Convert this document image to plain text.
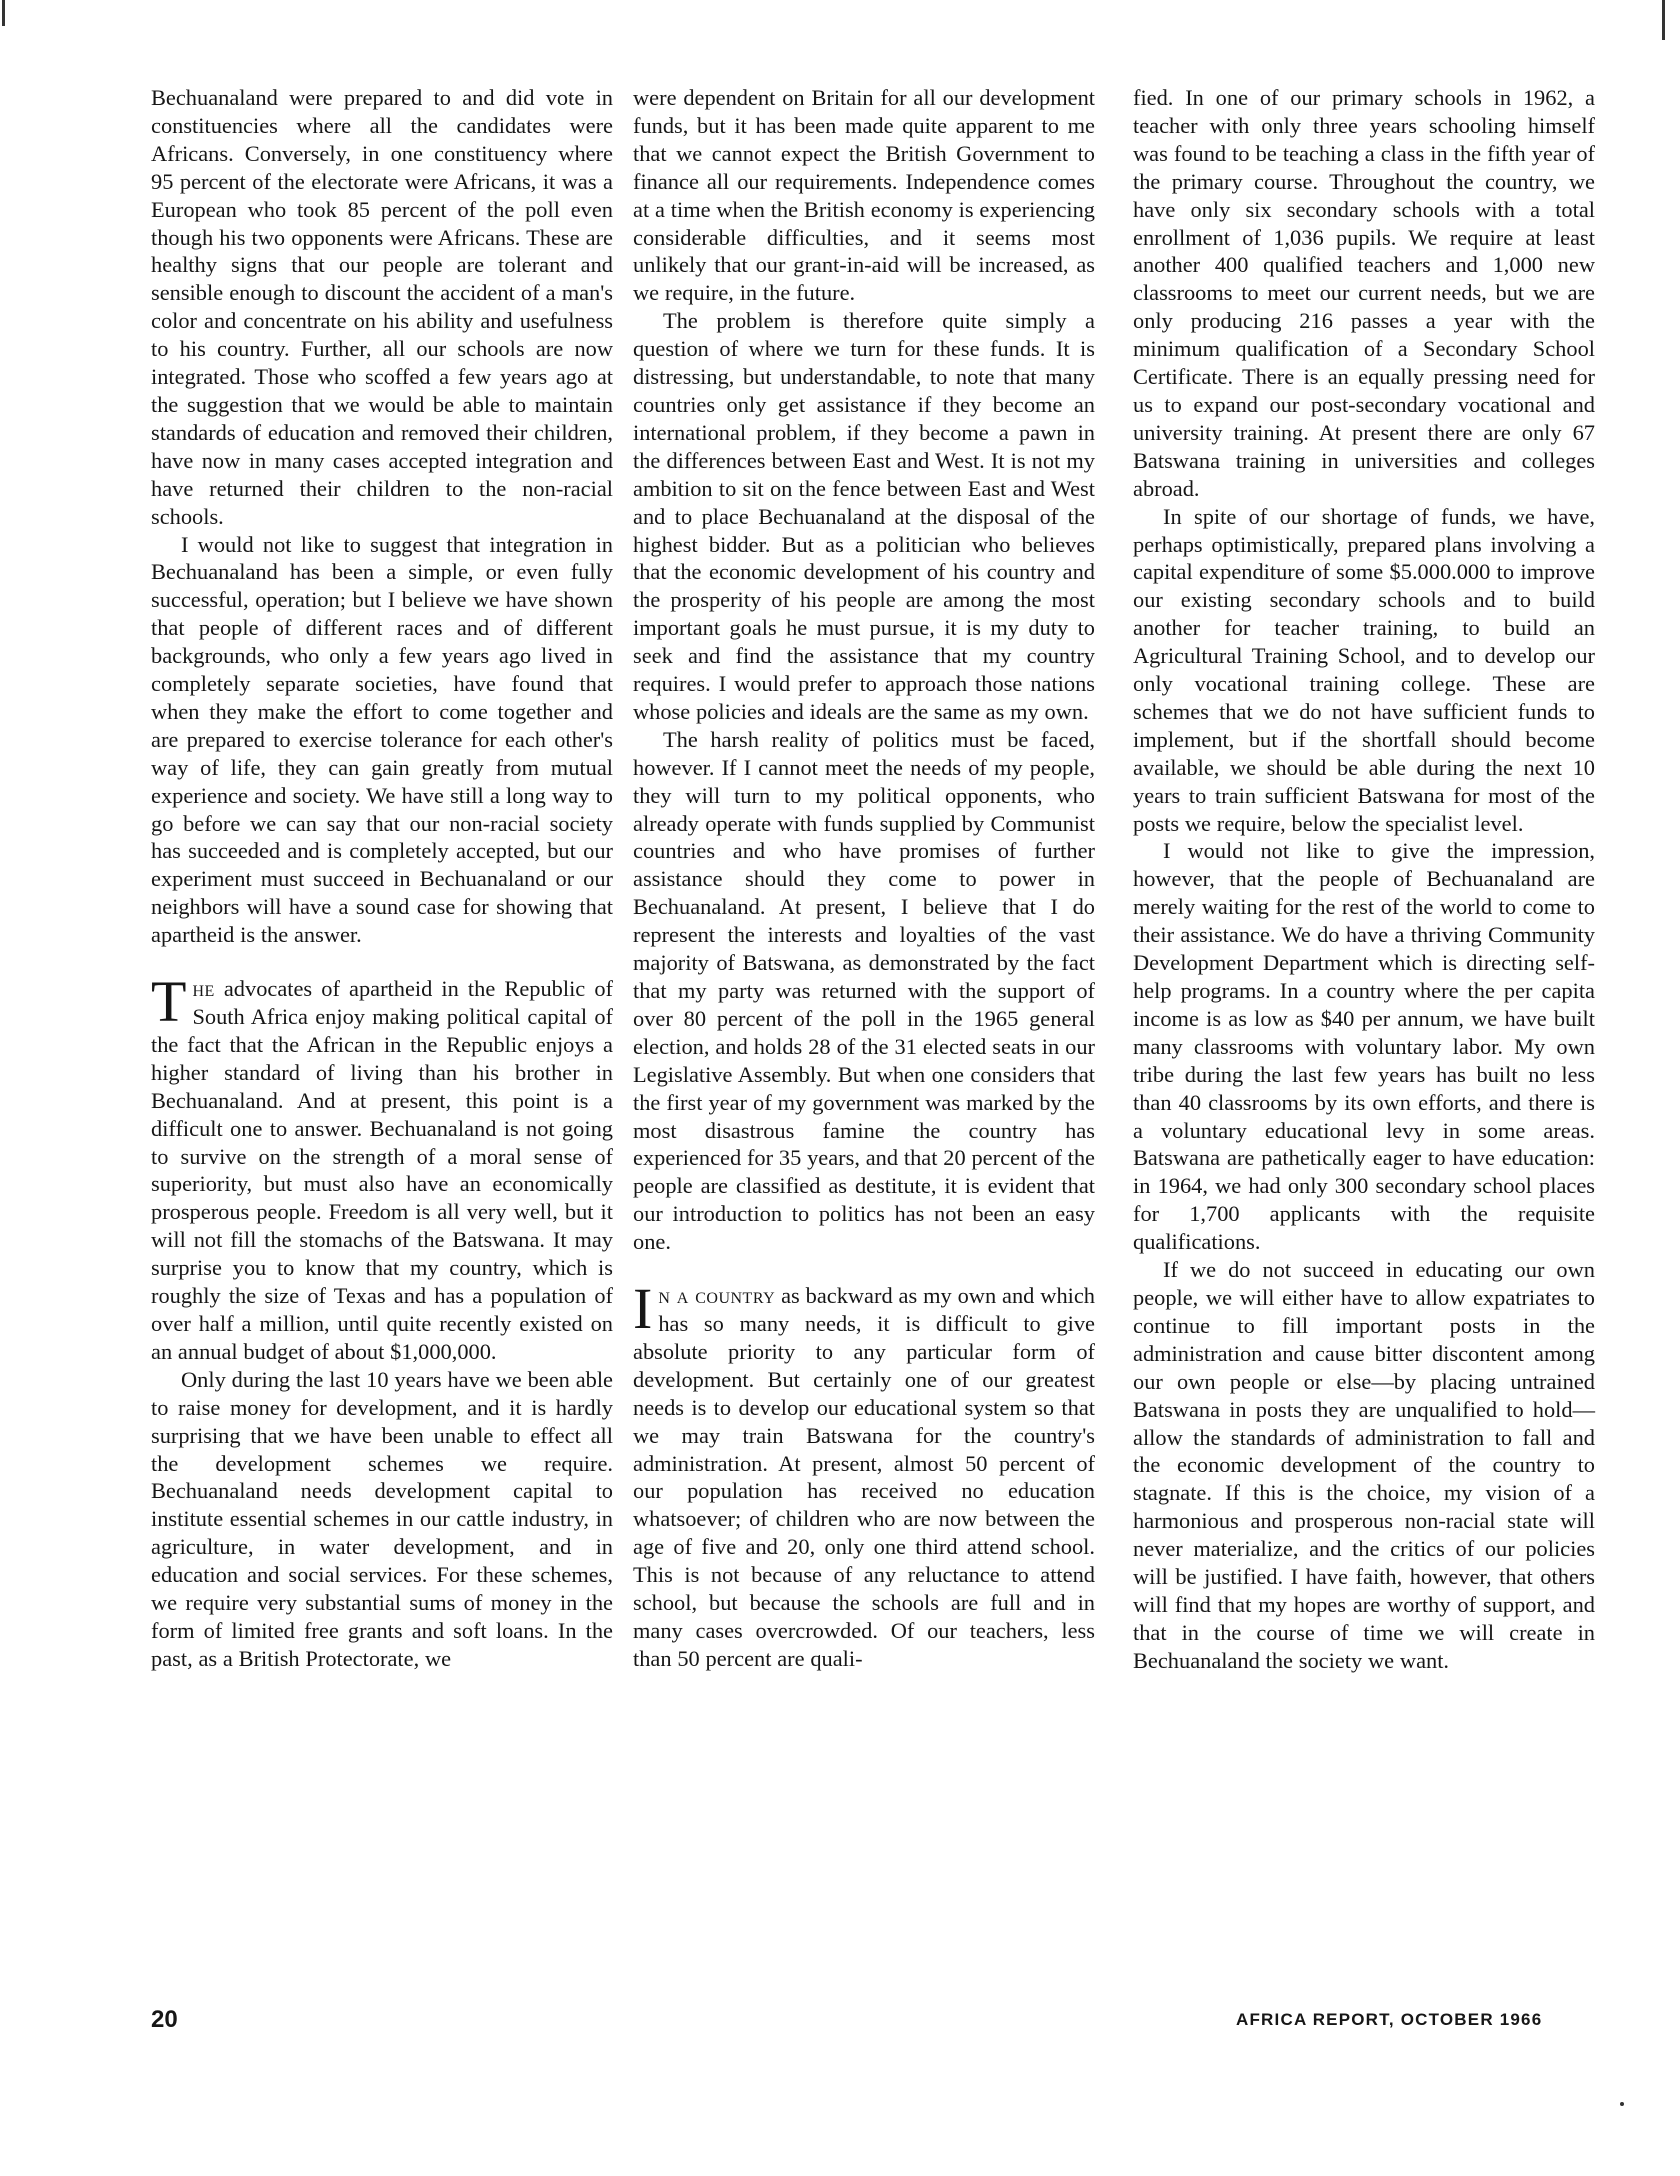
Bechuanaland were prepared to and did vote in constituencies where all the candidates were Africans. Conversely, in one constituency where 95 percent of the electorate were Africans, it was a European who took 85 percent of the poll even though his two opponents were Africans. These are healthy signs that our people are tolerant and sensible enough to discount the accident of a man's color and concentrate on his ability and usefulness to his country. Further, all our schools are now integrated. Those who scoffed a few years ago at the suggestion that we would be able to maintain standards of education and removed their children, have now in many cases accepted integration and have returned their children to the non-racial schools.

I would not like to suggest that integration in Bechuanaland has been a simple, or even fully successful, operation; but I believe we have shown that people of different races and of different backgrounds, who only a few years ago lived in completely separate societies, have found that when they make the effort to come together and are prepared to exercise tolerance for each other's way of life, they can gain greatly from mutual experience and society. We have still a long way to go before we can say that our non-racial society has succeeded and is completely accepted, but our experiment must succeed in Bechuanaland or our neighbors will have a sound case for showing that apartheid is the answer.

The advocates of apartheid in the Republic of South Africa enjoy making political capital of the fact that the African in the Republic enjoys a higher standard of living than his brother in Bechuanaland. And at present, this point is a difficult one to answer. Bechuanaland is not going to survive on the strength of a moral sense of superiority, but must also have an economically prosperous people. Freedom is all very well, but it will not fill the stomachs of the Batswana. It may surprise you to know that my country, which is roughly the size of Texas and has a population of over half a million, until quite recently existed on an annual budget of about $1,000,000.

Only during the last 10 years have we been able to raise money for development, and it is hardly surprising that we have been unable to effect all the development schemes we require. Bechuanaland needs development capital to institute essential schemes in our cattle industry, in agriculture, in water development, and in education and social services. For these schemes, we require very substantial sums of money in the form of limited free grants and soft loans. In the past, as a British Protectorate, we

were dependent on Britain for all our development funds, but it has been made quite apparent to me that we cannot expect the British Government to finance all our requirements. Independence comes at a time when the British economy is experiencing considerable difficulties, and it seems most unlikely that our grant-in-aid will be increased, as we require, in the future.

The problem is therefore quite simply a question of where we turn for these funds. It is distressing, but understandable, to note that many countries only get assistance if they become an international problem, if they become a pawn in the differences between East and West. It is not my ambition to sit on the fence between East and West and to place Bechuanaland at the disposal of the highest bidder. But as a politician who believes that the economic development of his country and the prosperity of his people are among the most important goals he must pursue, it is my duty to seek and find the assistance that my country requires. I would prefer to approach those nations whose policies and ideals are the same as my own.

The harsh reality of politics must be faced, however. If I cannot meet the needs of my people, they will turn to my political opponents, who already operate with funds supplied by Communist countries and who have promises of further assistance should they come to power in Bechuanaland. At present, I believe that I do represent the interests and loyalties of the vast majority of Batswana, as demonstrated by the fact that my party was returned with the support of over 80 percent of the poll in the 1965 general election, and holds 28 of the 31 elected seats in our Legislative Assembly. But when one considers that the first year of my government was marked by the most disastrous famine the country has experienced for 35 years, and that 20 percent of the people are classified as destitute, it is evident that our introduction to politics has not been an easy one.

In a country as backward as my own and which has so many needs, it is difficult to give absolute priority to any particular form of development. But certainly one of our greatest needs is to develop our educational system so that we may train Batswana for the country's administration. At present, almost 50 percent of our population has received no education whatsoever; of children who are now between the age of five and 20, only one third attend school. This is not because of any reluctance to attend school, but because the schools are full and in many cases overcrowded. Of our teachers, less than 50 percent are quali-

fied. In one of our primary schools in 1962, a teacher with only three years schooling himself was found to be teaching a class in the fifth year of the primary course. Throughout the country, we have only six secondary schools with a total enrollment of 1,036 pupils. We require at least another 400 qualified teachers and 1,000 new classrooms to meet our current needs, but we are only producing 216 passes a year with the minimum qualification of a Secondary School Certificate. There is an equally pressing need for us to expand our post-secondary vocational and university training. At present there are only 67 Batswana training in universities and colleges abroad.

In spite of our shortage of funds, we have, perhaps optimistically, prepared plans involving a capital expenditure of some $5.000.000 to improve our existing secondary schools and to build another for teacher training, to build an Agricultural Training School, and to develop our only vocational training college. These are schemes that we do not have sufficient funds to implement, but if the shortfall should become available, we should be able during the next 10 years to train sufficient Batswana for most of the posts we require, below the specialist level.

I would not like to give the impression, however, that the people of Bechuanaland are merely waiting for the rest of the world to come to their assistance. We do have a thriving Community Development Department which is directing self-help programs. In a country where the per capita income is as low as $40 per annum, we have built many classrooms with voluntary labor. My own tribe during the last few years has built no less than 40 classrooms by its own efforts, and there is a voluntary educational levy in some areas. Batswana are pathetically eager to have education: in 1964, we had only 300 secondary school places for 1,700 applicants with the requisite qualifications.

If we do not succeed in educating our own people, we will either have to allow expatriates to continue to fill important posts in the administration and cause bitter discontent among our own people or else—by placing untrained Batswana in posts they are unqualified to hold—allow the standards of administration to fall and the economic development of the country to stagnate. If this is the choice, my vision of a harmonious and prosperous non-racial state will never materialize, and the critics of our policies will be justified. I have faith, however, that others will find that my hopes are worthy of support, and that in the course of time we will create in Bechuanaland the society we want.

20	AFRICA REPORT, OCTOBER 1966
